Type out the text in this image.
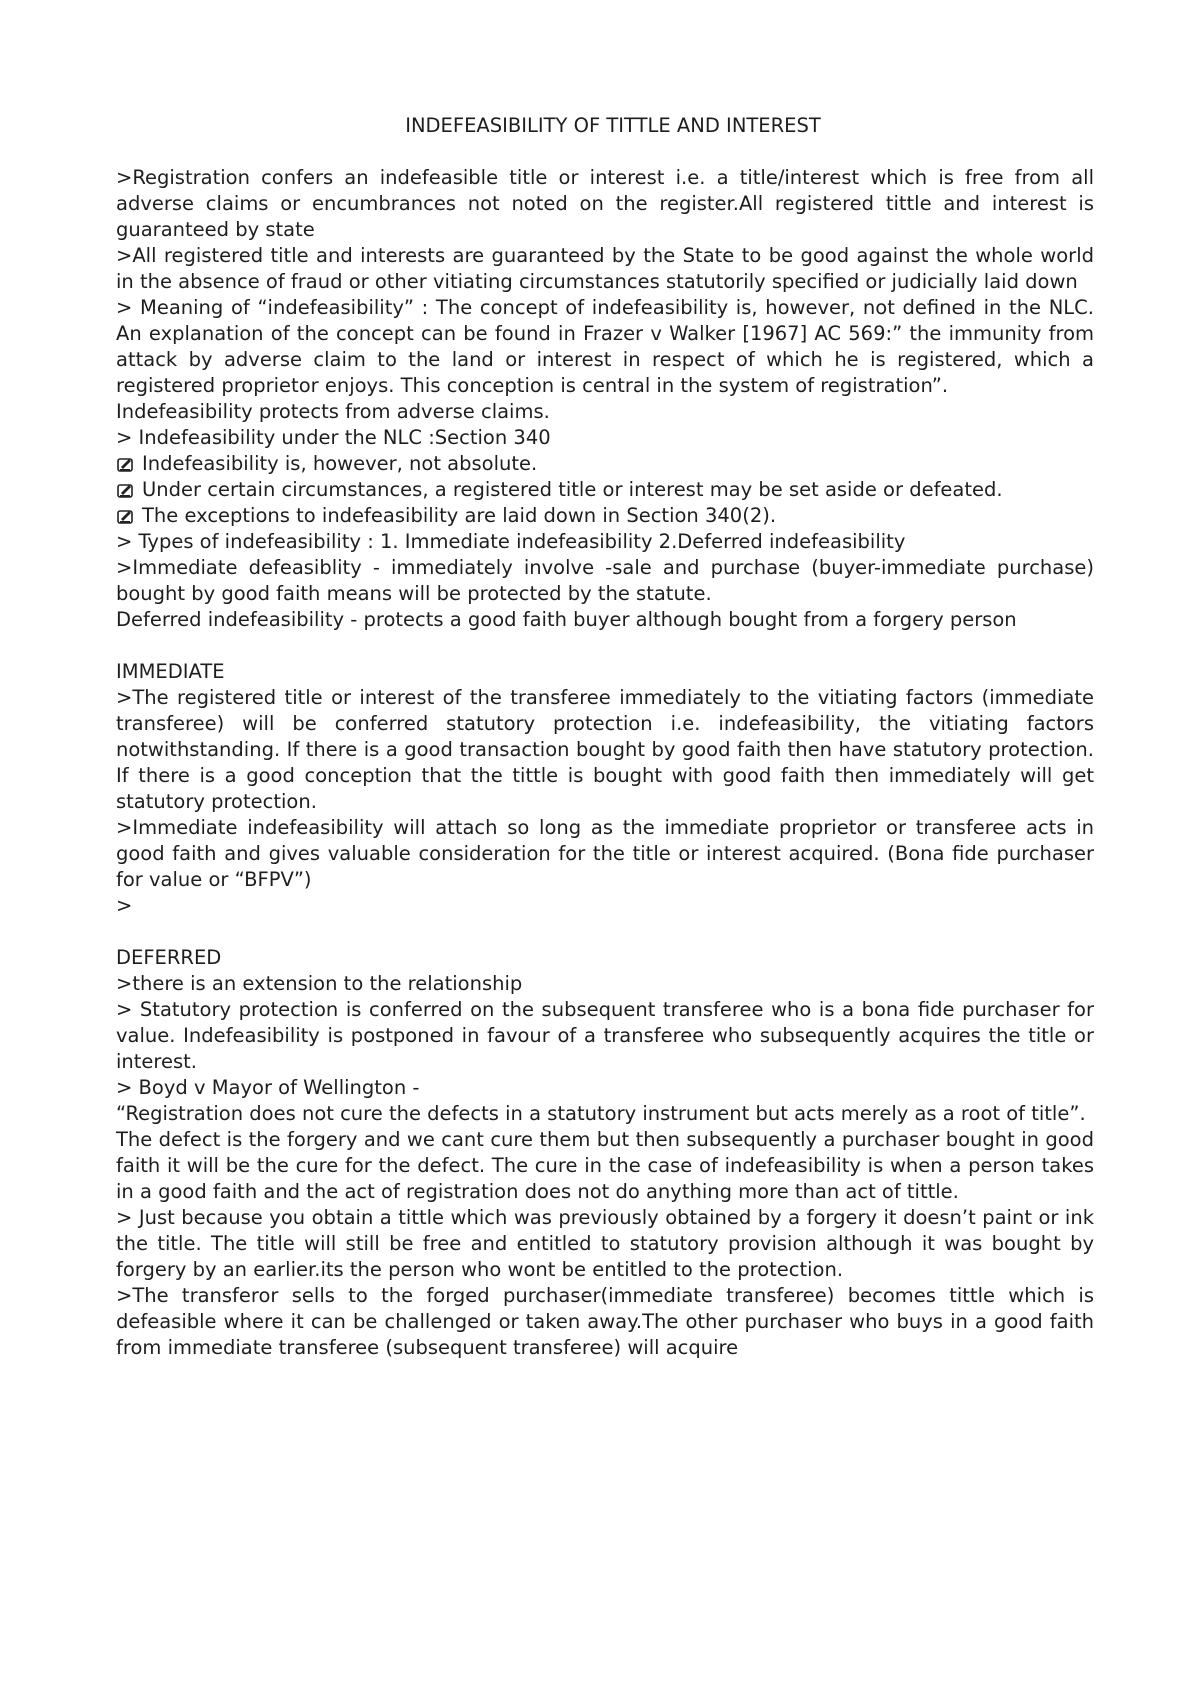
INDEFEASIBILITY OF TITTLE AND INTEREST
>Registration confers an indefeasible title or interest i.e. a title/interest which is free from all adverse claims or encumbrances not noted on the register.All registered tittle and interest is guaranteed by state
>All registered title and interests are guaranteed by the State to be good against the whole world in the absence of fraud or other vitiating circumstances statutorily specified or judicially laid down
> Meaning of “indefeasibility” : The concept of indefeasibility is, however, not defined in the NLC. An explanation of the concept can be found in Frazer v Walker [1967] AC 569:” the immunity from attack by adverse claim to the land or interest in respect of which he is registered, which a registered proprietor enjoys. This conception is central in the system of registration”.
Indefeasibility protects from adverse claims.
> Indefeasibility under the NLC :Section 340
Indefeasibility is, however, not absolute.
Under certain circumstances, a registered title or interest may be set aside or defeated.
The exceptions to indefeasibility are laid down in Section 340(2).
> Types of indefeasibility : 1. Immediate indefeasibility 2.Deferred indefeasibility
>Immediate defeasiblity - immediately involve -sale and purchase (buyer-immediate purchase) bought by good faith means will be protected by the statute.
Deferred indefeasibility - protects a good faith buyer although bought from a forgery person
IMMEDIATE
>The registered title or interest of the transferee immediately to the vitiating factors (immediate transferee) will be conferred statutory protection i.e. indefeasibility, the vitiating factors notwithstanding. If there is a good transaction bought by good faith then have statutory protection. If there is a good conception that the tittle is bought with good faith then immediately will get statutory protection.
>Immediate indefeasibility will attach so long as the immediate proprietor or transferee acts in good faith and gives valuable consideration for the title or interest acquired. (Bona fide purchaser for value or “BFPV”)
>
DEFERRED
>there is an extension to the relationship
> Statutory protection is conferred on the subsequent transferee who is a bona fide purchaser for value. Indefeasibility is postponed in favour of a transferee who subsequently acquires the title or interest.
> Boyd v Mayor of Wellington -
“Registration does not cure the defects in a statutory instrument but acts merely as a root of title”.
The defect is the forgery and we cant cure them but then subsequently a purchaser bought in good faith it will be the cure for the defect. The cure in the case of indefeasibility is when a person takes in a good faith and the act of registration does not do anything more than act of tittle.
> Just because you obtain a tittle which was previously obtained by a forgery it doesn’t paint or ink the title. The title will still be free and entitled to statutory provision although it was bought by forgery by an earlier.its the person who wont be entitled to the protection.
>The transferor sells to the forged purchaser(immediate transferee) becomes tittle which is defeasible where it can be challenged or taken away.The other purchaser who buys in a good faith from immediate transferee (subsequent transferee) will acquire
